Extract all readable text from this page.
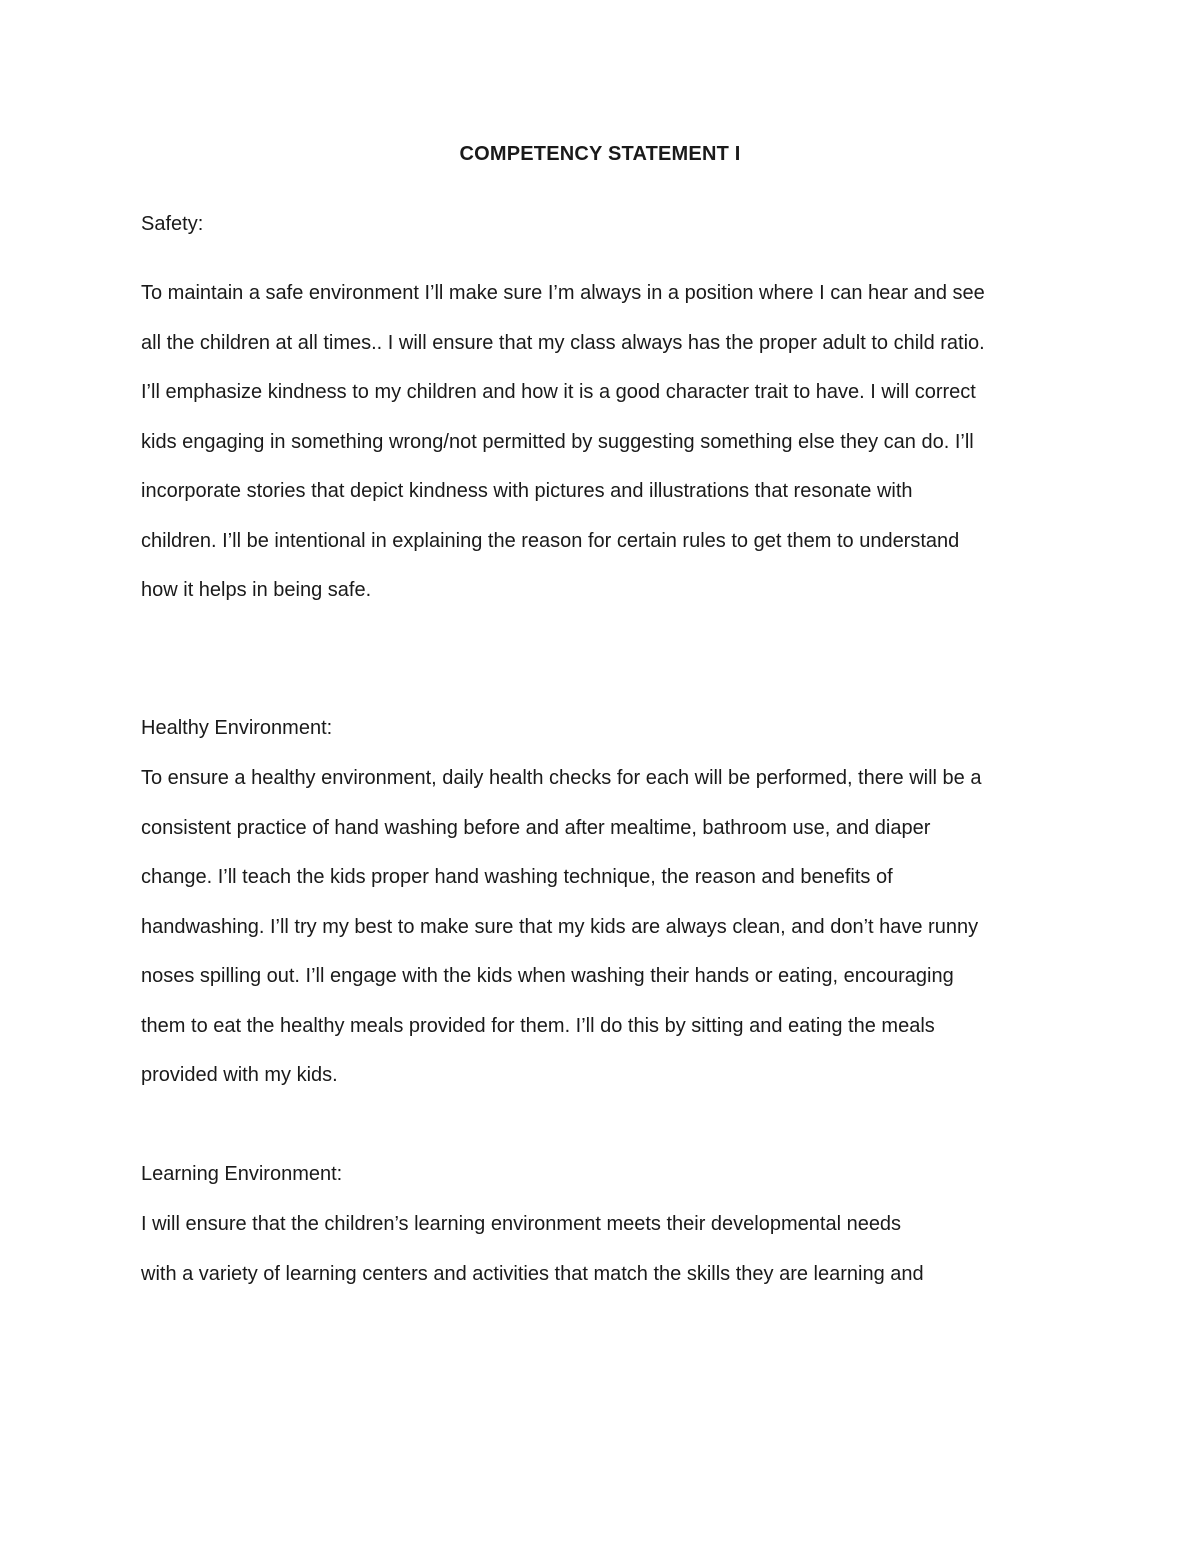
COMPETENCY STATEMENT I
Safety:
To maintain a safe environment I’ll make sure I’m always in a position where I can hear and see
all the children at all times.. I will ensure that my class always has the proper adult to child ratio.
I’ll emphasize kindness to my children and how it is a good character trait to have. I will correct
kids engaging in something wrong/not permitted by suggesting something else they can do. I’ll
incorporate stories that depict kindness with pictures and illustrations that resonate with
children. I’ll be intentional in explaining the reason for certain rules to get them to understand
how it helps in being safe.
Healthy Environment:
To ensure a healthy environment, daily health checks for each will be performed, there will be a
consistent practice of hand washing before and after mealtime, bathroom use, and diaper
change. I’ll teach the kids proper hand washing technique, the reason and benefits of
handwashing. I’ll try my best to make sure that my kids are always clean, and don’t have runny
noses spilling out. I’ll engage with the kids when washing their hands or eating, encouraging
them to eat the healthy meals provided for them. I’ll do this by sitting and eating the meals
provided with my kids.
Learning Environment:
I will ensure that the children’s learning environment meets their developmental needs
with a variety of learning centers and activities that match the skills they are learning and
